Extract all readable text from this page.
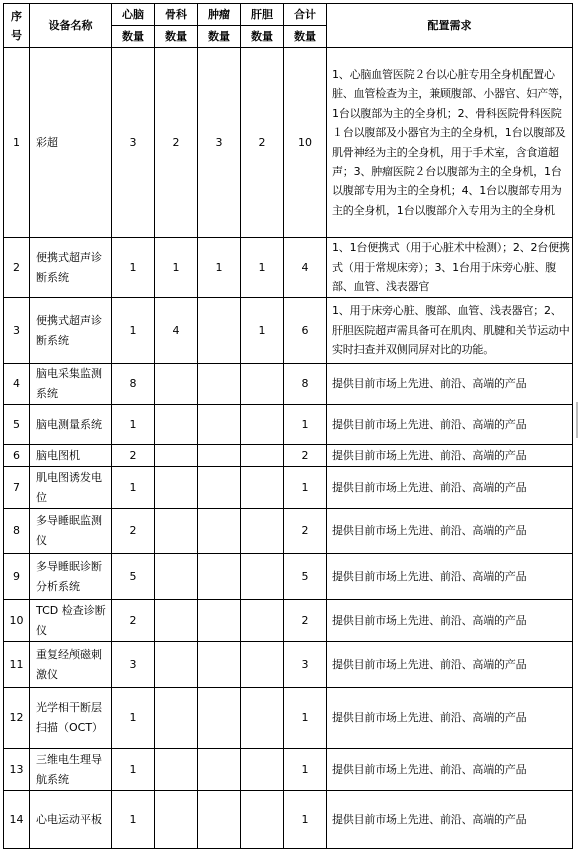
序
号	设备名称	心脑	骨科	肿瘤	肝胆	合计	配置需求
		数量	数量	数量	数量	数量	
1	彩超	3	2	3	2	10	1、心脑血管医院２台以心脏专用全身机配置心脏、血管检查为主，兼顾腹部、小器官、妇产等，1台以腹部为主的全身机；2、骨科医院骨科医院１台以腹部及小器官为主的全身机，1台以腹部及肌骨神经为主的全身机，用于手术室，含食道超声；3、肿瘤医院２台以腹部为主的全身机，1台以腹部专用为主的全身机；4、1台以腹部专用为主的全身机，1台以腹部介入专用为主的全身机
2	便携式超声诊断系统	1	1	1	1	4	1、1台便携式（用于心脏术中检测）；2、2台便携式（用于常规床旁）；3、1台用于床旁心脏、腹部、血管、浅表器官
3	便携式超声诊断系统	1	4		1	6	1、用于床旁心脏、腹部、血管、浅表器官；2、肝胆医院超声需具备可在肌肉、肌腱和关节运动中实时扫查并双侧同屏对比的功能。
4	脑电采集监测系统	8				8	提供目前市场上先进、前沿、高端的产品
5	脑电测量系统	1				1	提供目前市场上先进、前沿、高端的产品
6	脑电图机	2				2	提供目前市场上先进、前沿、高端的产品
7	肌电图诱发电位	1				1	提供目前市场上先进、前沿、高端的产品
8	多导睡眠监测仪	2				2	提供目前市场上先进、前沿、高端的产品
9	多导睡眠诊断分析系统	5				5	提供目前市场上先进、前沿、高端的产品
10	TCD 检查诊断仪	2				2	提供目前市场上先进、前沿、高端的产品
11	重复经颅磁刺激仪	3				3	提供目前市场上先进、前沿、高端的产品
12	光学相干断层扫描（OCT）	1				1	提供目前市场上先进、前沿、高端的产品
13	三维电生理导航系统	1				1	提供目前市场上先进、前沿、高端的产品
14	心电运动平板	1				1	提供目前市场上先进、前沿、高端的产品
